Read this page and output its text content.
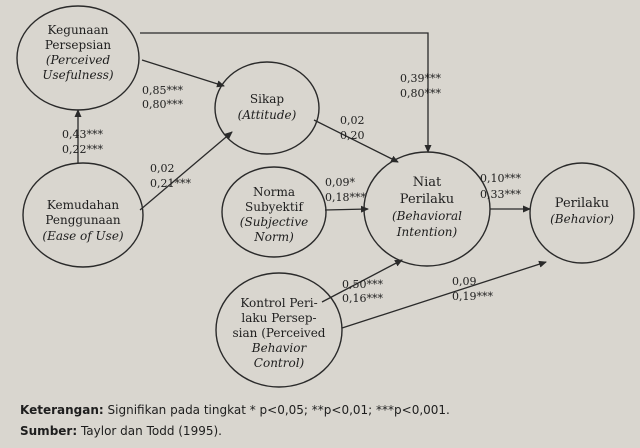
Kegunaan
Persepsian
(Perceived
Usefulness)
Sikap
(Attitude)
Kemudahan
Penggunaan
(Ease of Use)
Norma
Subyektif
(Subjective
Norm)
Niat
Perilaku
(Behavioral
Intention)
Perilaku
(Behavior)
Kontrol Peri-
laku Persep-
sian (Perceived
Behavior
Control)
0,85***
0,80***
0,43***
0,22***
0,02
0,21***
0,39***
0,80***
0,02
0,20
0,09*
0,18***
0,10***
0,33***
0,50***
0,16***
0,09
0,19***
Keterangan: Signifikan pada tingkat * p<0,05; **p<0,01; ***p<0,001.
Sumber: Taylor dan Todd (1995).
